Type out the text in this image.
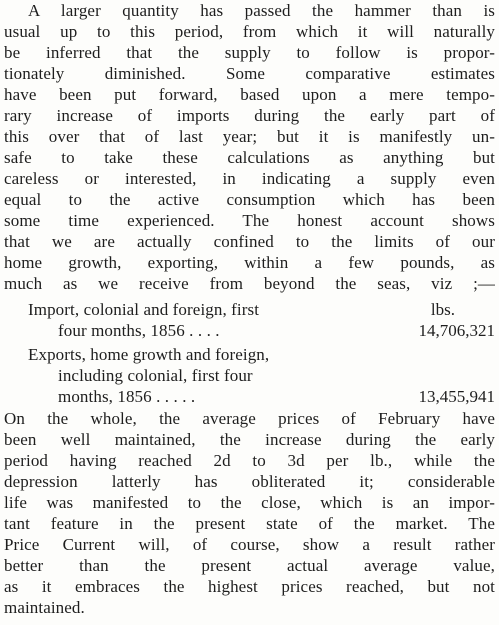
A larger quantity has passed the hammer than is
usual up to this period, from which it will naturally
be inferred that the supply to follow is propor-
tionately diminished. Some comparative estimates
have been put forward, based upon a mere tempo-
rary increase of imports during the early part of
this over that of last year; but it is manifestly un-
safe to take these calculations as anything but
careless or interested, in indicating a supply even
equal to the active consumption which has been
some time experienced. The honest account shows
that we are actually confined to the limits of our
home growth, exporting, within a few pounds, as
much as we receive from beyond the seas, viz ;—
Import, colonial and foreign, first	lbs.
four months, 1856 . . . .	14,706,321
Exports, home growth and foreign,
including colonial, first four
months, 1856 . . . . .	13,455,941
On the whole, the average prices of February have
been well maintained, the increase during the early
period having reached 2d to 3d per lb., while the
depression latterly has obliterated it; considerable
life was manifested to the close, which is an impor-
tant feature in the present state of the market. The
Price Current will, of course, show a result rather
better than the present actual average value,
as it embraces the highest prices reached, but not
maintained.
